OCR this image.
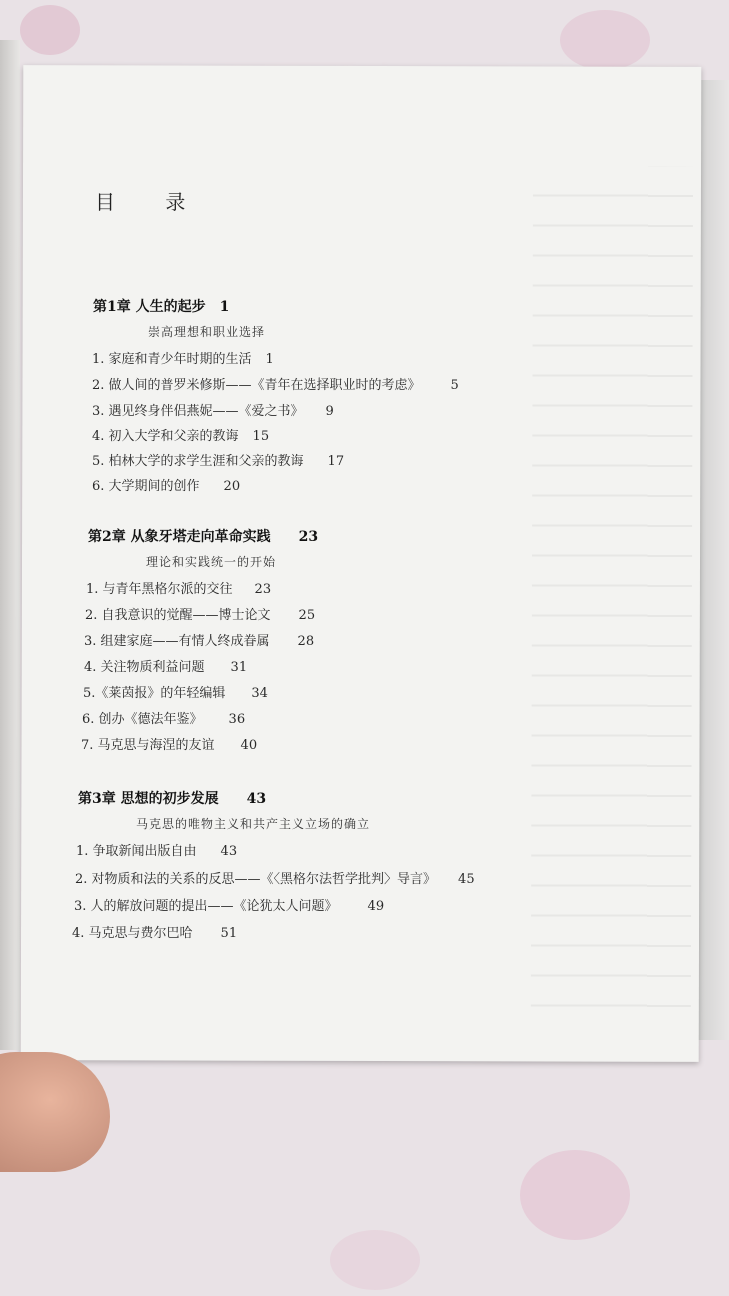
目 录
第1章 人生的起步 1
崇高理想和职业选择
1. 家庭和青少年时期的生活 1
2. 做人间的普罗米修斯——《青年在选择职业时的考虑》 5
3. 遇见终身伴侣燕妮——《爱之书》 9
4. 初入大学和父亲的教诲 15
5. 柏林大学的求学生涯和父亲的教诲 17
6. 大学期间的创作 20
第2章 从象牙塔走向革命实践 23
理论和实践统一的开始
1. 与青年黑格尔派的交往 23
2. 自我意识的觉醒——博士论文 25
3. 组建家庭——有情人终成眷属 28
4. 关注物质利益问题 31
5.《莱茵报》的年轻编辑 34
6. 创办《德法年鉴》 36
7. 马克思与海涅的友谊 40
第3章 思想的初步发展 43
马克思的唯物主义和共产主义立场的确立
1. 争取新闻出版自由 43
2. 对物质和法的关系的反思——《〈黑格尔法哲学批判〉导言》 45
3. 人的解放问题的提出——《论犹太人问题》 49
4. 马克思与费尔巴哈 51
